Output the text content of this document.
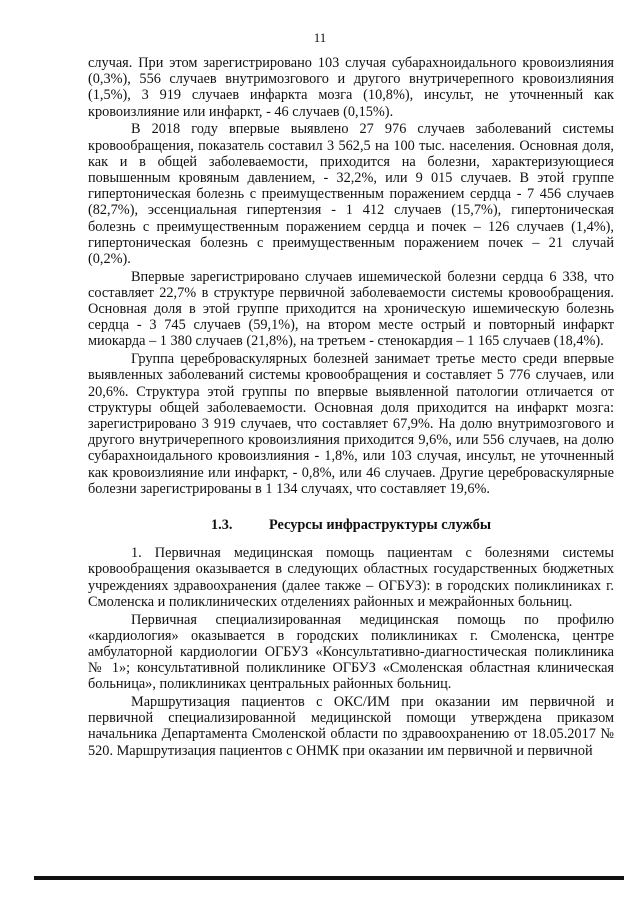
11

случая. При этом зарегистрировано 103 случая субарахноидального кровоизлияния (0,3%), 556 случаев внутримозгового и другого внутричерепного кровоизлияния (1,5%), 3 919 случаев инфаркта мозга (10,8%), инсульт, не уточненный как кровоизлияние или инфаркт, - 46 случаев (0,15%).

В 2018 году впервые выявлено 27 976 случаев заболеваний системы кровообращения, показатель составил 3 562,5 на 100 тыс. населения. Основная доля, как и в общей заболеваемости, приходится на болезни, характеризующиеся повышенным кровяным давлением, - 32,2%, или 9 015 случаев. В этой группе гипертоническая болезнь с преимущественным поражением сердца - 7 456 случаев (82,7%), эссенциальная гипертензия - 1 412 случаев (15,7%), гипертоническая болезнь с преимущественным поражением сердца и почек – 126 случаев (1,4%), гипертоническая болезнь с преимущественным поражением почек – 21 случай (0,2%).

Впервые зарегистрировано случаев ишемической болезни сердца 6 338, что составляет 22,7% в структуре первичной заболеваемости системы кровообращения. Основная доля в этой группе приходится на хроническую ишемическую болезнь сердца - 3 745 случаев (59,1%), на втором месте острый и повторный инфаркт миокарда – 1 380 случаев (21,8%), на третьем - стенокардия – 1 165 случаев (18,4%).

Группа цереброваскулярных болезней занимает третье место среди впервые выявленных заболеваний системы кровообращения и составляет 5 776 случаев, или 20,6%. Структура этой группы по впервые выявленной патологии отличается от структуры общей заболеваемости. Основная доля приходится на инфаркт мозга: зарегистрировано 3 919 случаев, что составляет 67,9%. На долю внутримозгового и другого внутричерепного кровоизлияния приходится 9,6%, или 556 случаев, на долю субарахноидального кровоизлияния - 1,8%, или 103 случая, инсульт, не уточненный как кровоизлияние или инфаркт, - 0,8%, или 46 случаев. Другие цереброваскулярные болезни зарегистрированы в 1 134 случаях, что составляет 19,6%.

1.3.	Ресурсы инфраструктуры службы

1. Первичная медицинская помощь пациентам с болезнями системы кровообращения оказывается в следующих областных государственных бюджетных учреждениях здравоохранения (далее также – ОГБУЗ): в городских поликлиниках г. Смоленска и поликлинических отделениях районных и межрайонных больниц.

Первичная специализированная медицинская помощь по профилю «кардиология» оказывается в городских поликлиниках г. Смоленска, центре амбулаторной кардиологии ОГБУЗ «Консультативно-диагностическая поликлиника № 1»; консультативной поликлинике ОГБУЗ «Смоленская областная клиническая больница», поликлиниках центральных районных больниц.

Маршрутизация пациентов с ОКС/ИМ при оказании им первичной и первичной специализированной медицинской помощи утверждена приказом начальника Департамента Смоленской области по здравоохранению от 18.05.2017 № 520. Маршрутизация пациентов с ОНМК при оказании им первичной и первичной
